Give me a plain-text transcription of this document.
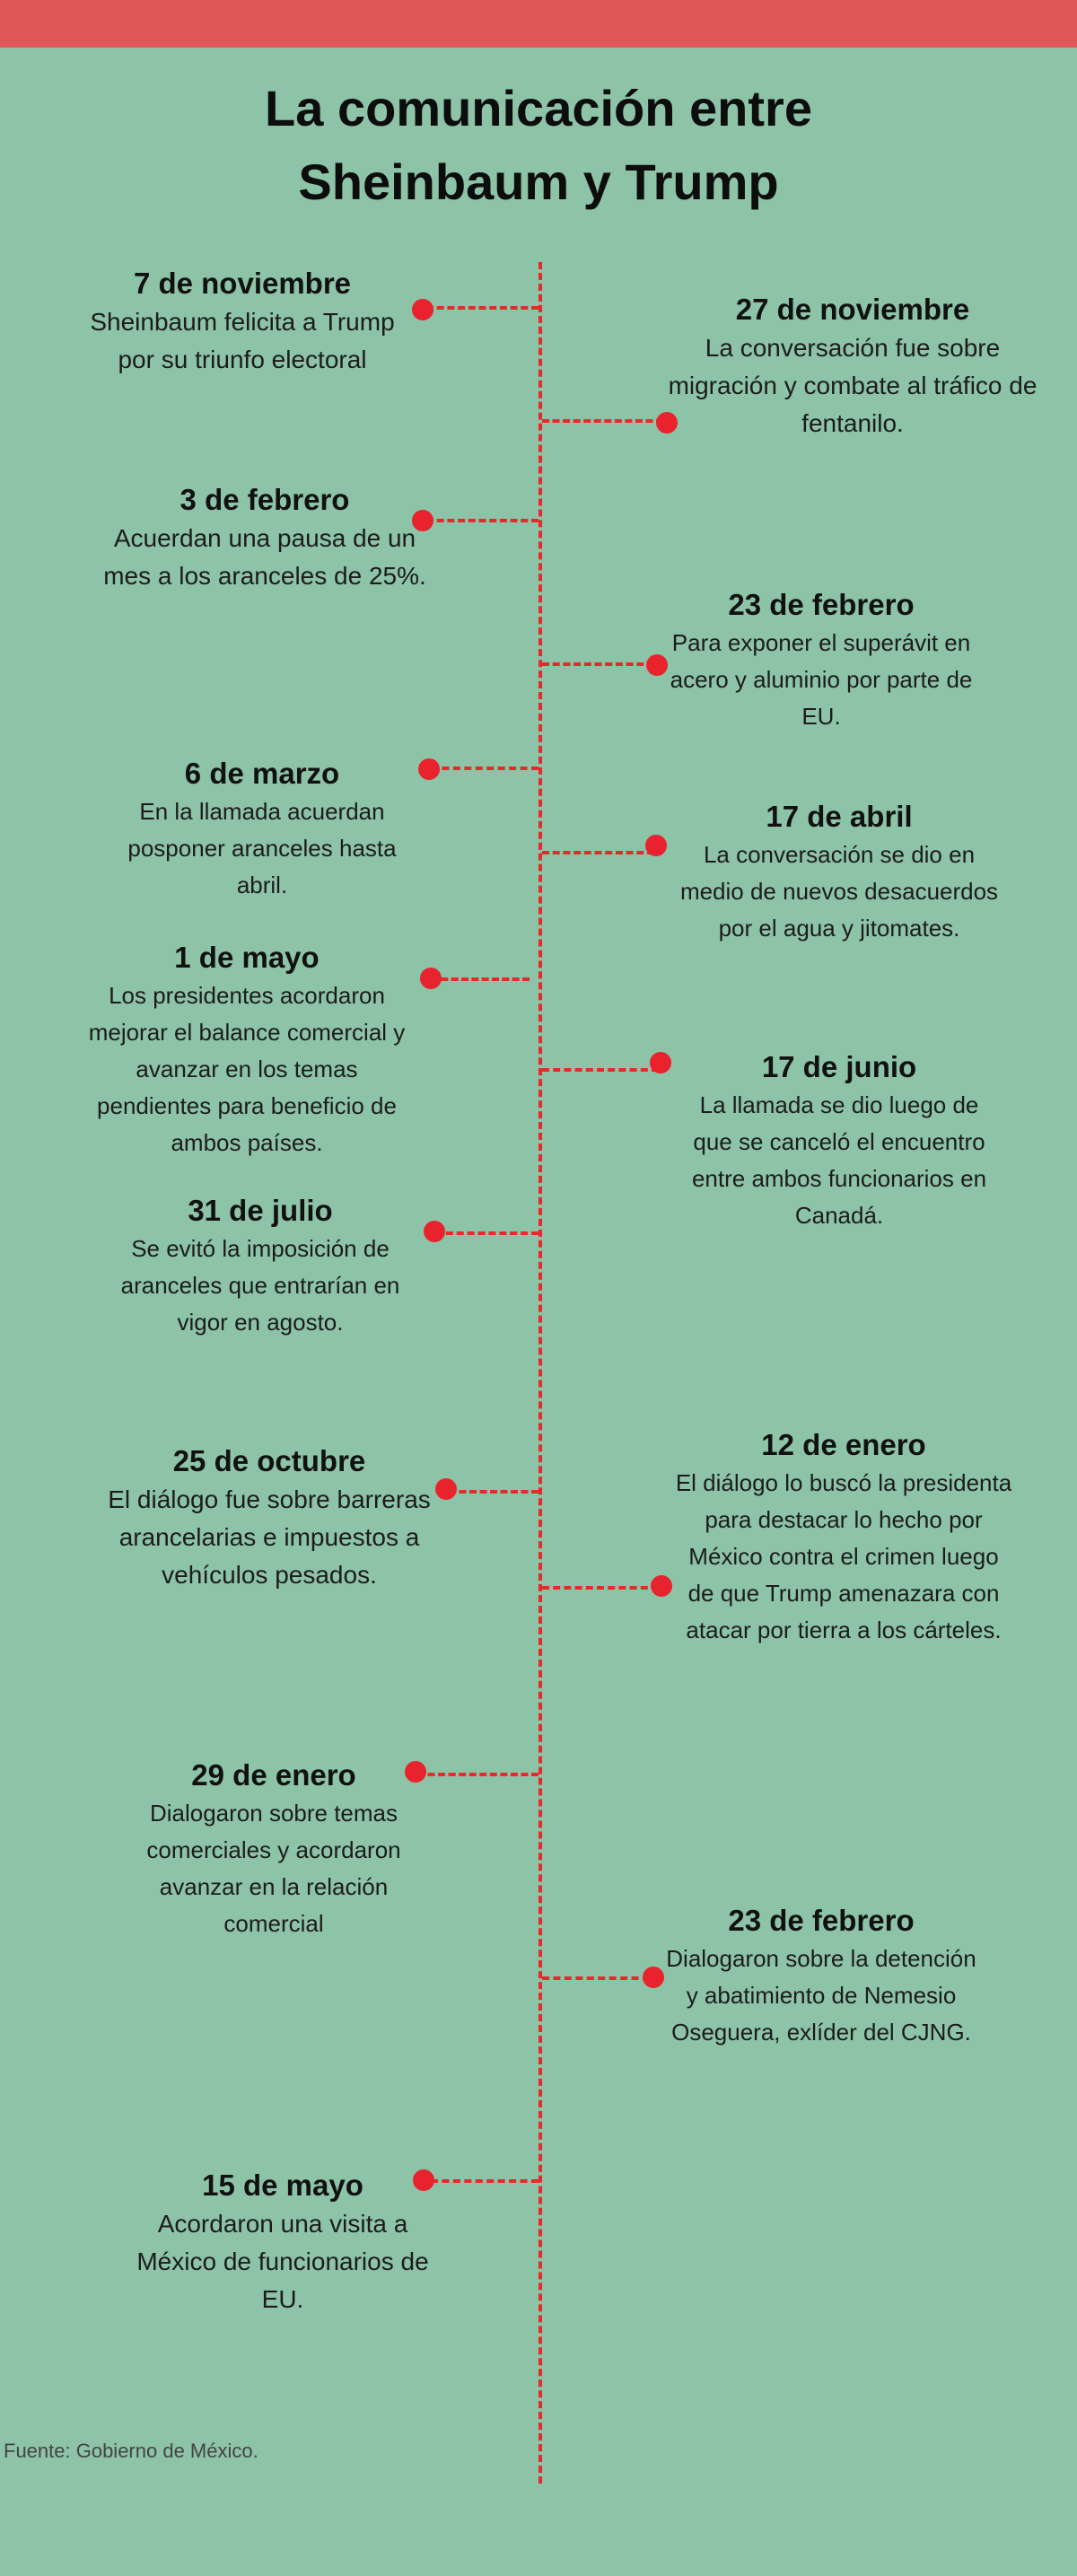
La comunicación entre
Sheinbaum y Trump
7 de noviembre
Sheinbaum felicita a Trump por su triunfo electoral
27 de noviembre
La conversación fue sobre migración y combate al tráfico de fentanilo.
3 de febrero
Acuerdan una pausa de un mes a los aranceles de 25%.
23 de febrero
Para exponer el superávit en acero y aluminio por parte de EU.
6 de marzo
En la llamada acuerdan posponer aranceles hasta abril.
17 de abril
La conversación se dio en medio de nuevos desacuerdos por el agua y jitomates.
1 de mayo
Los presidentes acordaron mejorar el balance comercial y avanzar en los temas pendientes para beneficio de ambos países.
17 de junio
La llamada se dio luego de que se canceló el encuentro entre ambos funcionarios en Canadá.
31 de julio
Se evitó la imposición de aranceles que entrarían en vigor en agosto.
25 de octubre
El diálogo fue sobre barreras arancelarias e impuestos a vehículos pesados.
12 de enero
El diálogo lo buscó la presidenta para destacar lo hecho por México contra el crimen luego de que Trump amenazara con atacar por tierra a los cárteles.
29 de enero
Dialogaron sobre temas comerciales y acordaron avanzar en la relación comercial	23 de febrero
Dialogaron sobre la detención y abatimiento de Nemesio Oseguera, exlíder del CJNG.
15 de mayo
Acordaron una visita a México de funcionarios de EU.
Fuente: Gobierno de México.
